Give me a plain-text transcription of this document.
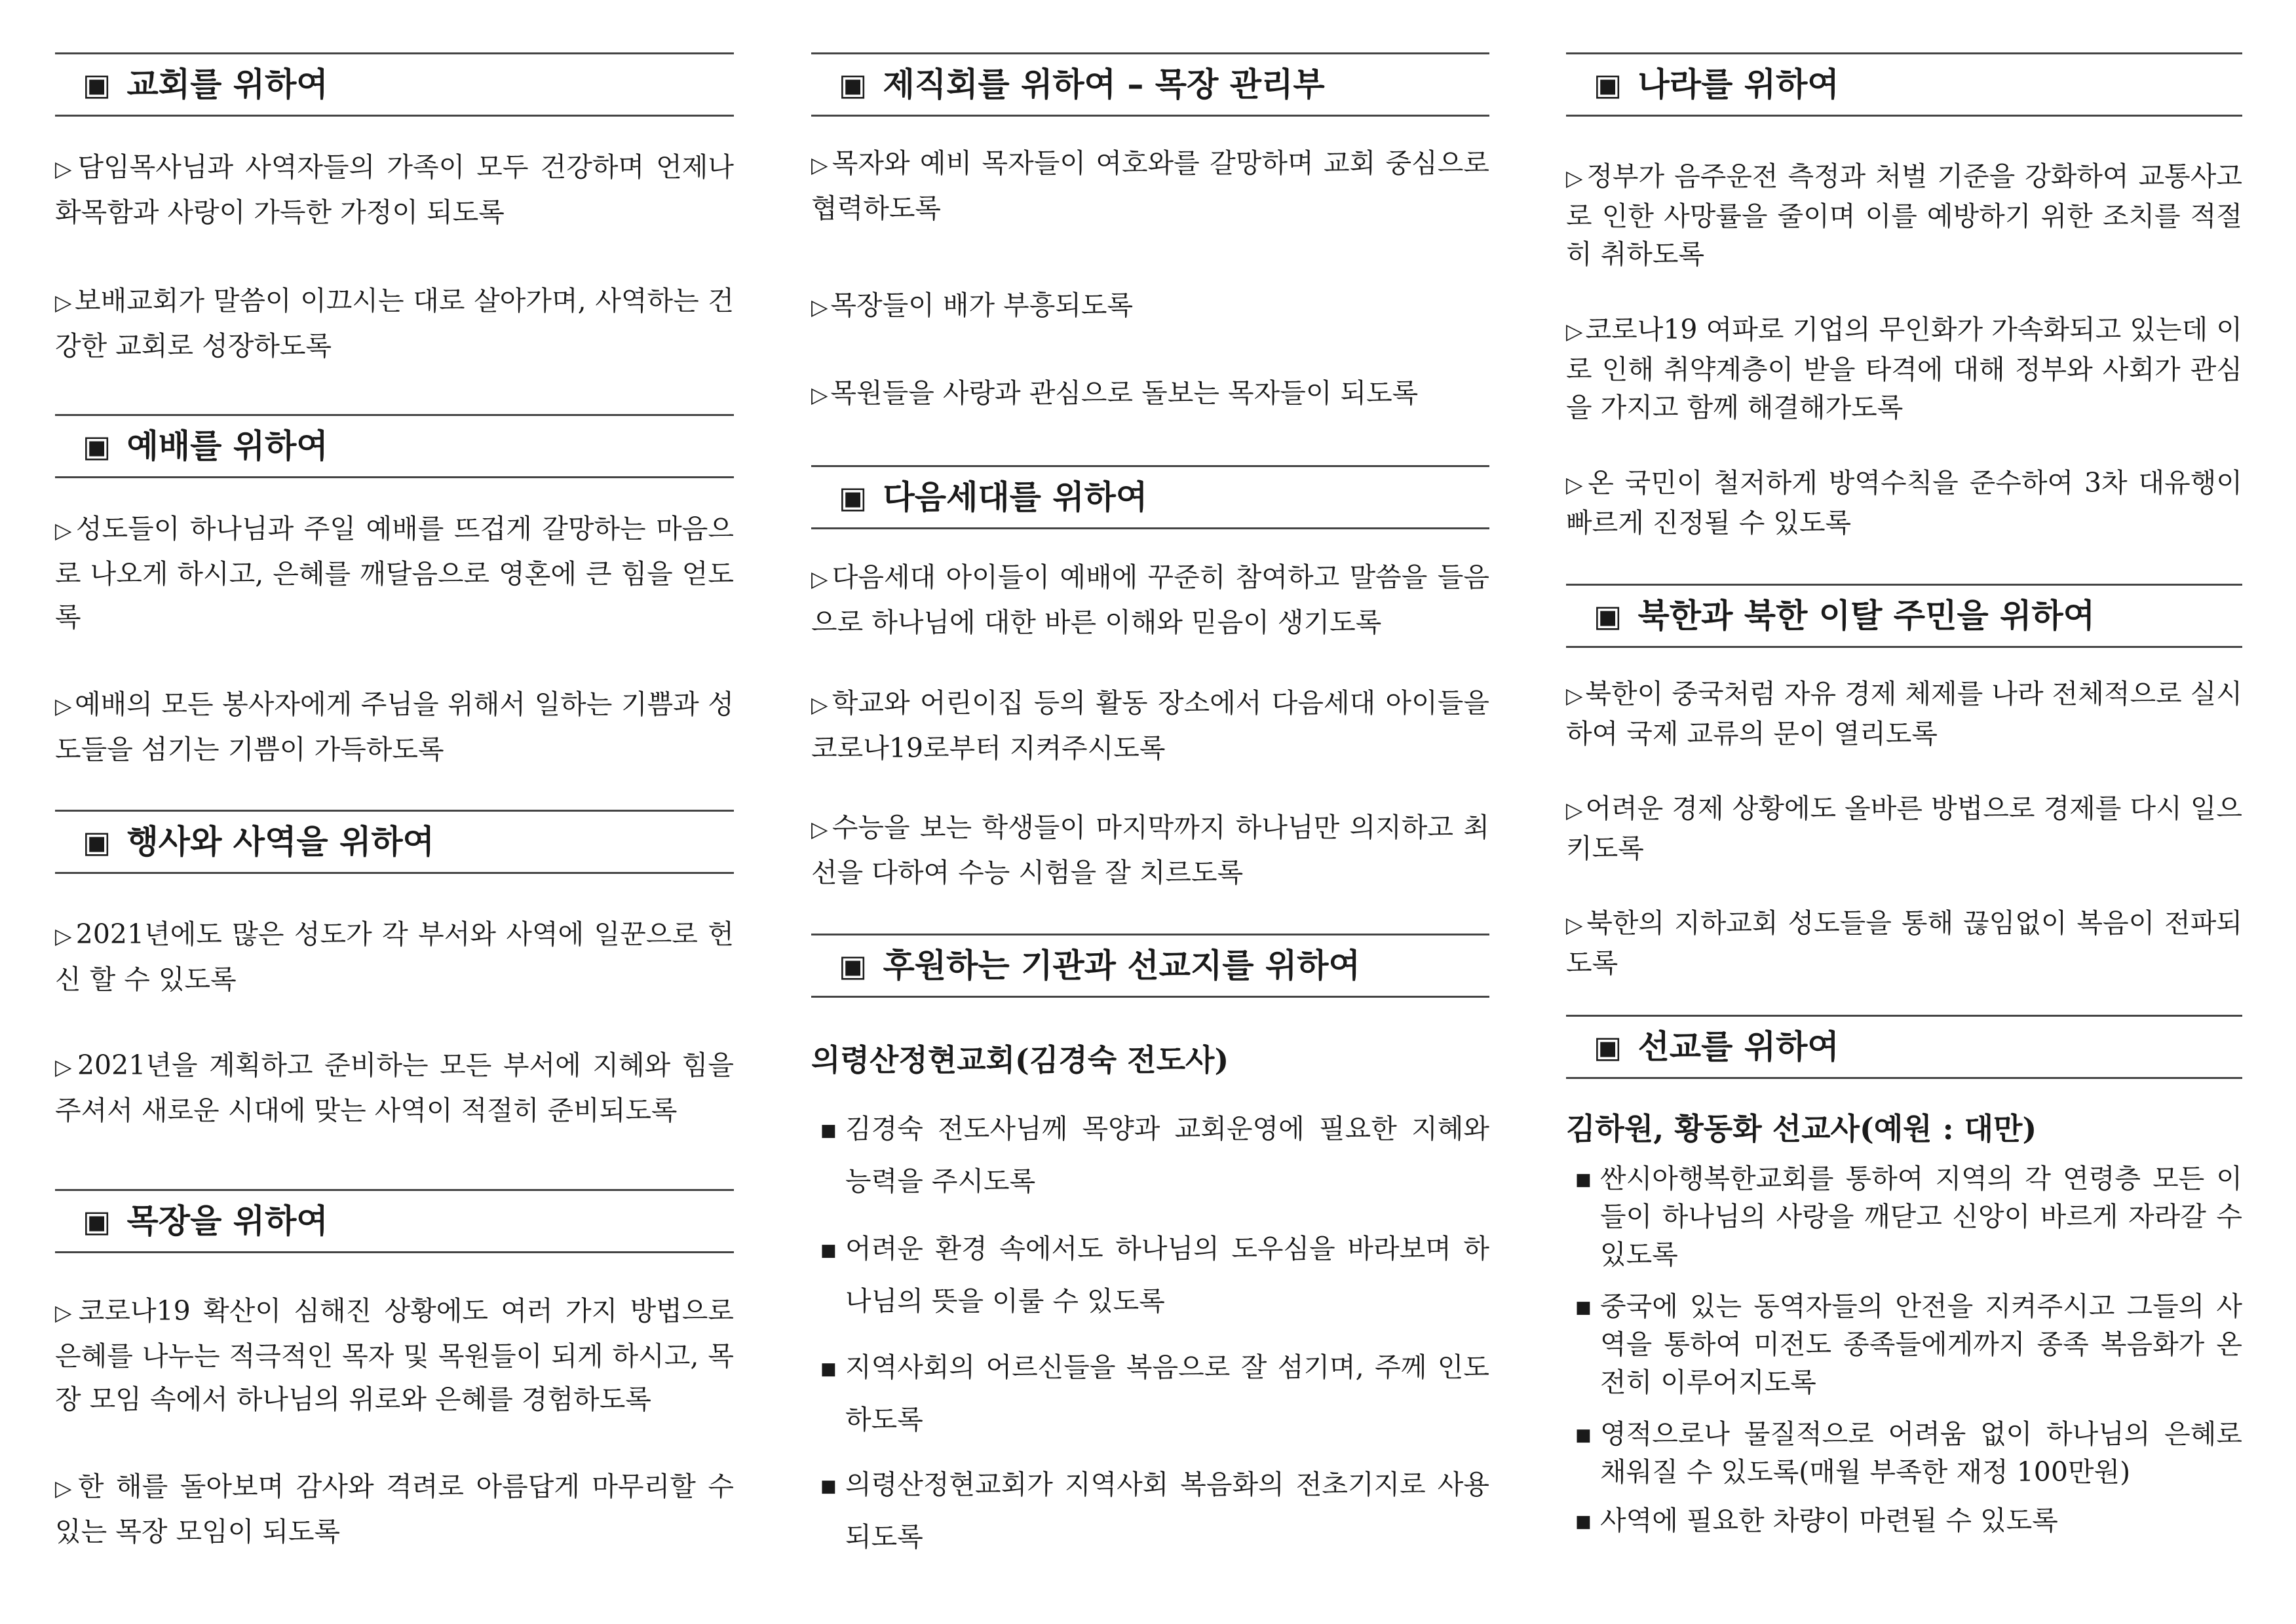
▣ 교회를 위하여
▷담임목사님과 사역자들의 가족이 모두 건강하며 언제나 화목함과 사랑이 가득한 가정이 되도록
▷보배교회가 말씀이 이끄시는 대로 살아가며, 사역하는 건강한 교회로 성장하도록
▣ 예배를 위하여
▷성도들이 하나님과 주일 예배를 뜨겁게 갈망하는 마음으로 나오게 하시고, 은혜를 깨달음으로 영혼에 큰 힘을 얻도록
▷예배의 모든 봉사자에게 주님을 위해서 일하는 기쁨과 성도들을 섬기는 기쁨이 가득하도록
▣ 행사와 사역을 위하여
▷2021년에도 많은 성도가 각 부서와 사역에 일꾼으로 헌신 할 수 있도록
▷2021년을 계획하고 준비하는 모든 부서에 지혜와 힘을 주셔서 새로운 시대에 맞는 사역이 적절히 준비되도록
▣ 목장을 위하여
▷코로나19 확산이 심해진 상황에도 여러 가지 방법으로 은혜를 나누는 적극적인 목자 및 목원들이 되게 하시고, 목장 모임 속에서 하나님의 위로와 은혜를 경험하도록
▷한 해를 돌아보며 감사와 격려로 아름답게 마무리할 수 있는 목장 모임이 되도록
▣ 제직회를 위하여 – 목장 관리부
▷목자와 예비 목자들이 여호와를 갈망하며 교회 중심으로 협력하도록
▷목장들이 배가 부흥되도록
▷목원들을 사랑과 관심으로 돌보는 목자들이 되도록
▣ 다음세대를 위하여
▷다음세대 아이들이 예배에 꾸준히 참여하고 말씀을 들음으로 하나님에 대한 바른 이해와 믿음이 생기도록
▷학교와 어린이집 등의 활동 장소에서 다음세대 아이들을 코로나19로부터 지켜주시도록
▷수능을 보는 학생들이 마지막까지 하나님만 의지하고 최선을 다하여 수능 시험을 잘 치르도록
▣ 후원하는 기관과 선교지를 위하여
의령산정현교회(김경숙 전도사)
■ 김경숙 전도사님께 목양과 교회운영에 필요한 지혜와 능력을 주시도록
■ 어려운 환경 속에서도 하나님의 도우심을 바라보며 하나님의 뜻을 이룰 수 있도록
■ 지역사회의 어르신들을 복음으로 잘 섬기며, 주께 인도하도록
■ 의령산정현교회가 지역사회 복음화의 전초기지로 사용되도록
▣ 나라를 위하여
▷정부가 음주운전 측정과 처벌 기준을 강화하여 교통사고로 인한 사망률을 줄이며 이를 예방하기 위한 조치를 적절히 취하도록
▷코로나19 여파로 기업의 무인화가 가속화되고 있는데 이로 인해 취약계층이 받을 타격에 대해 정부와 사회가 관심을 가지고 함께 해결해가도록
▷온 국민이 철저하게 방역수칙을 준수하여 3차 대유행이 빠르게 진정될 수 있도록
▣ 북한과 북한 이탈 주민을 위하여
▷북한이 중국처럼 자유 경제 체제를 나라 전체적으로 실시하여 국제 교류의 문이 열리도록
▷어려운 경제 상황에도 올바른 방법으로 경제를 다시 일으키도록
▷북한의 지하교회 성도들을 통해 끊임없이 복음이 전파되도록
▣ 선교를 위하여
김하원, 황동화 선교사(예원 : 대만)
■ 싼시아행복한교회를 통하여 지역의 각 연령층 모든 이들이 하나님의 사랑을 깨닫고 신앙이 바르게 자라갈 수 있도록
■ 중국에 있는 동역자들의 안전을 지켜주시고 그들의 사역을 통하여 미전도 종족들에게까지 종족 복음화가 온전히 이루어지도록
■ 영적으로나 물질적으로 어려움 없이 하나님의 은혜로 채워질 수 있도록(매월 부족한 재정 100만원)
■ 사역에 필요한 차량이 마련될 수 있도록
